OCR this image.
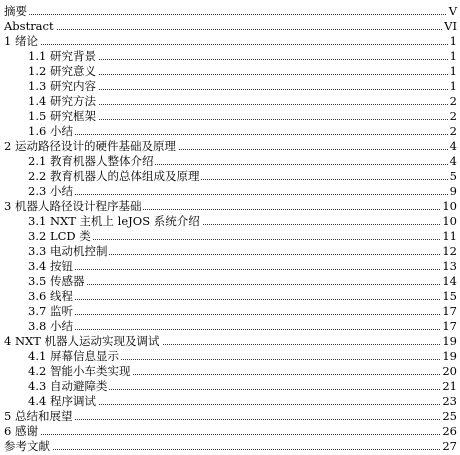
摘要	V
Abstract	VI
1 绪论	1
1.1 研究背景	1
1.2 研究意义	1
1.3 研究内容	1
1.4 研究方法	2
1.5 研究框架	2
1.6 小结	2
2 运动路径设计的硬件基础及原理	4
2.1 教育机器人整体介绍	4
2.2 教育机器人的总体组成及原理	5
2.3 小结	9
3 机器人路径设计程序基础	10
3.1 NXT 主机上 leJOS 系统介绍	10
3.2 LCD 类	11
3.3 电动机控制	12
3.4 按钮	13
3.5 传感器	14
3.6 线程	15
3.7 监听	17
3.8 小结	17
4 NXT 机器人运动实现及调试	19
4.1 屏幕信息显示	19
4.2 智能小车类实现	20
4.3 自动避障类	21
4.4 程序调试	23
5 总结和展望	25
6 感谢	26
参考文献	27
